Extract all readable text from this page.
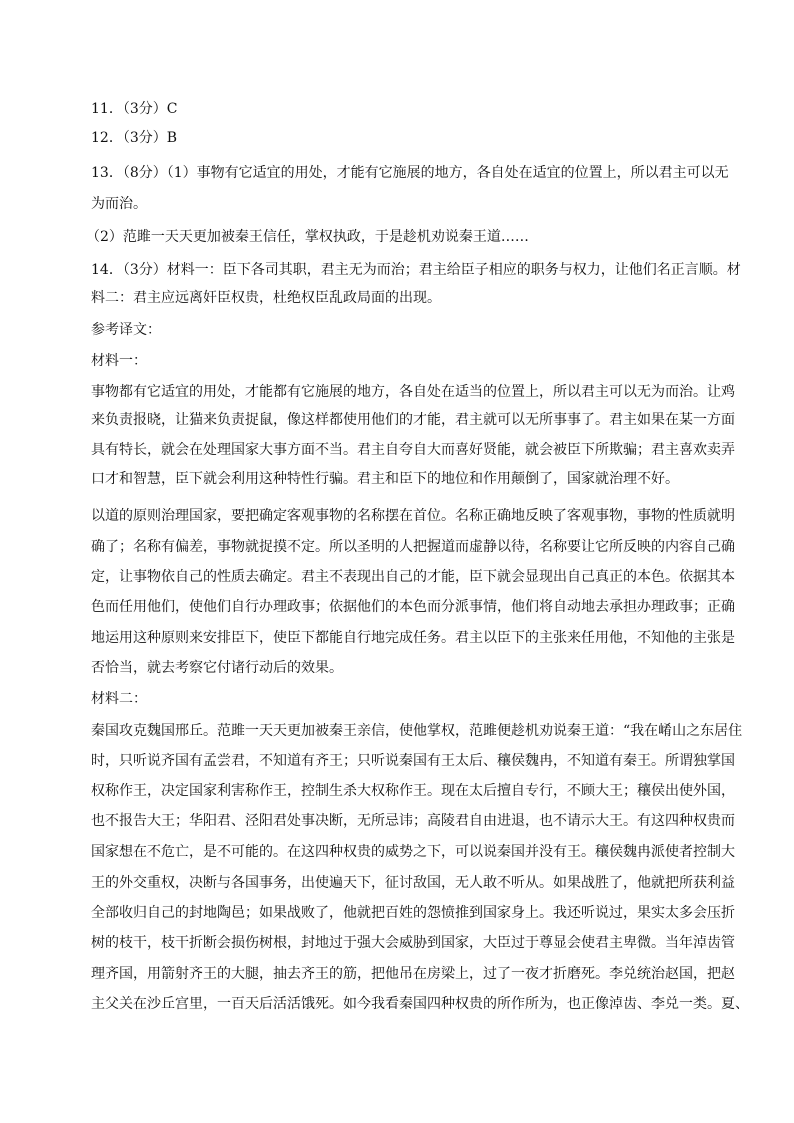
11．（3分）C
12．（3分）B
13．（8分）（1）事物有它适宜的用处，才能有它施展的地方，各自处在适宜的位置上，所以君主可以无
为而治。
（2）范雎一天天更加被秦王信任，掌权执政，于是趁机劝说秦王道……
14．（3分）材料一：臣下各司其职，君主无为而治；君主给臣子相应的职务与权力，让他们名正言顺。材
料二：君主应远离奸臣权贵，杜绝权臣乱政局面的出现。
参考译文：
材料一：
事物都有它适宜的用处，才能都有它施展的地方，各自处在适当的位置上，所以君主可以无为而治。让鸡
来负责报晓，让猫来负责捉鼠，像这样都使用他们的才能，君主就可以无所事事了。君主如果在某一方面
具有特长，就会在处理国家大事方面不当。君主自夸自大而喜好贤能，就会被臣下所欺骗；君主喜欢卖弄
口才和智慧，臣下就会利用这种特性行骗。君主和臣下的地位和作用颠倒了，国家就治理不好。
以道的原则治理国家，要把确定客观事物的名称摆在首位。名称正确地反映了客观事物，事物的性质就明
确了；名称有偏差，事物就捉摸不定。所以圣明的人把握道而虚静以待，名称要让它所反映的内容自己确
定，让事物依自己的性质去确定。君主不表现出自己的才能，臣下就会显现出自己真正的本色。依据其本
色而任用他们，使他们自行办理政事；依据他们的本色而分派事情，他们将自动地去承担办理政事；正确
地运用这种原则来安排臣下，使臣下都能自行地完成任务。君主以臣下的主张来任用他，不知他的主张是
否恰当，就去考察它付诸行动后的效果。
材料二：
秦国攻克魏国邢丘。范雎一天天更加被秦王亲信，使他掌权，范雎便趁机劝说秦王道：“我在崤山之东居住
时，只听说齐国有孟尝君，不知道有齐王；只听说秦国有王太后、穰侯魏冉，不知道有秦王。所谓独掌国
权称作王，决定国家利害称作王，控制生杀大权称作王。现在太后擅自专行，不顾大王；穰侯出使外国，
也不报告大王；华阳君、泾阳君处事决断，无所忌讳；高陵君自由进退，也不请示大王。有这四种权贵而
国家想在不危亡，是不可能的。在这四种权贵的威势之下，可以说秦国并没有王。穰侯魏冉派使者控制大
王的外交重权，决断与各国事务，出使遍天下，征讨敌国，无人敢不听从。如果战胜了，他就把所获利益
全部收归自己的封地陶邑；如果战败了，他就把百姓的怨愤推到国家身上。我还听说过，果实太多会压折
树的枝干，枝干折断会损伤树根，封地过于强大会威胁到国家，大臣过于尊显会使君主卑微。当年淖齿管
理齐国，用箭射齐王的大腿，抽去齐王的筋，把他吊在房梁上，过了一夜才折磨死。李兑统治赵国，把赵
主父关在沙丘宫里，一百天后活活饿死。如今我看秦国四种权贵的所作所为，也正像淖齿、李兑一类。夏、
